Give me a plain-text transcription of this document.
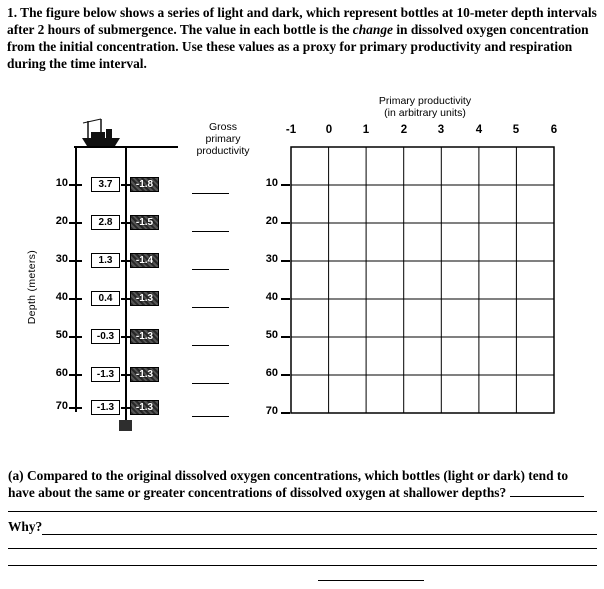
1. The figure below shows a series of light and dark, which represent bottles at 10-meter depth intervals after 2 hours of submergence. The value in each bottle is the change in dissolved oxygen concentration from the initial concentration. Use these values as a proxy for primary productivity and respiration during the time interval.

Depth (meters)
Gross
primary productivity
Primary productivity
(in arbitrary units)
-1	0	1	2	3	4	5	6
10	3.7	-1.8	10
20	2.8	-1.5	20
30	1.3	-1.4	30
40	0.4	-1.3	40
50	-0.3	-1.3	50
60	-1.3	-1.3	60
70	-1.3	-1.3	70

(a) Compared to the original dissolved oxygen concentrations, which bottles (light or dark) tend to have about the same or greater concentrations of dissolved oxygen at shallower depths?

Why?
